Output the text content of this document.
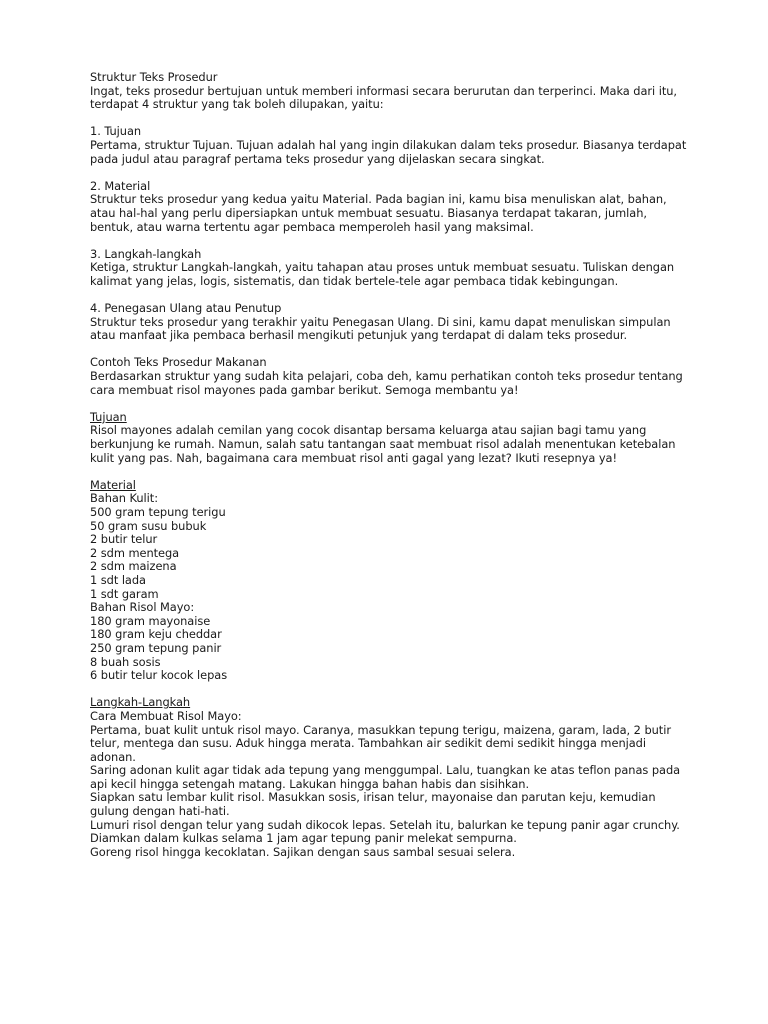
Struktur Teks Prosedur
Ingat, teks prosedur bertujuan untuk memberi informasi secara berurutan dan terperinci. Maka dari itu,
terdapat 4 struktur yang tak boleh dilupakan, yaitu:
1. Tujuan
Pertama, struktur Tujuan. Tujuan adalah hal yang ingin dilakukan dalam teks prosedur. Biasanya terdapat
pada judul atau paragraf pertama teks prosedur yang dijelaskan secara singkat.
2. Material
Struktur teks prosedur yang kedua yaitu Material. Pada bagian ini, kamu bisa menuliskan alat, bahan,
atau hal-hal yang perlu dipersiapkan untuk membuat sesuatu. Biasanya terdapat takaran, jumlah,
bentuk, atau warna tertentu agar pembaca memperoleh hasil yang maksimal.
3. Langkah-langkah
Ketiga, struktur Langkah-langkah, yaitu tahapan atau proses untuk membuat sesuatu. Tuliskan dengan
kalimat yang jelas, logis, sistematis, dan tidak bertele-tele agar pembaca tidak kebingungan.
4. Penegasan Ulang atau Penutup
Struktur teks prosedur yang terakhir yaitu Penegasan Ulang. Di sini, kamu dapat menuliskan simpulan
atau manfaat jika pembaca berhasil mengikuti petunjuk yang terdapat di dalam teks prosedur.
Contoh Teks Prosedur Makanan
Berdasarkan struktur yang sudah kita pelajari, coba deh, kamu perhatikan contoh teks prosedur tentang
cara membuat risol mayones pada gambar berikut. Semoga membantu ya!
Tujuan
Risol mayones adalah cemilan yang cocok disantap bersama keluarga atau sajian bagi tamu yang
berkunjung ke rumah. Namun, salah satu tantangan saat membuat risol adalah menentukan ketebalan
kulit yang pas. Nah, bagaimana cara membuat risol anti gagal yang lezat? Ikuti resepnya ya!
Material
Bahan Kulit:
500 gram tepung terigu
50 gram susu bubuk
2 butir telur
2 sdm mentega
2 sdm maizena
1 sdt lada
1 sdt garam
Bahan Risol Mayo:
180 gram mayonaise
180 gram keju cheddar
250 gram tepung panir
8 buah sosis
6 butir telur kocok lepas
Langkah-Langkah
Cara Membuat Risol Mayo:
Pertama, buat kulit untuk risol mayo. Caranya, masukkan tepung terigu, maizena, garam, lada, 2 butir
telur, mentega dan susu. Aduk hingga merata. Tambahkan air sedikit demi sedikit hingga menjadi
adonan.
Saring adonan kulit agar tidak ada tepung yang menggumpal. Lalu, tuangkan ke atas teflon panas pada
api kecil hingga setengah matang. Lakukan hingga bahan habis dan sisihkan.
Siapkan satu lembar kulit risol. Masukkan sosis, irisan telur, mayonaise dan parutan keju, kemudian
gulung dengan hati-hati.
Lumuri risol dengan telur yang sudah dikocok lepas. Setelah itu, balurkan ke tepung panir agar crunchy.
Diamkan dalam kulkas selama 1 jam agar tepung panir melekat sempurna.
Goreng risol hingga kecoklatan. Sajikan dengan saus sambal sesuai selera.
